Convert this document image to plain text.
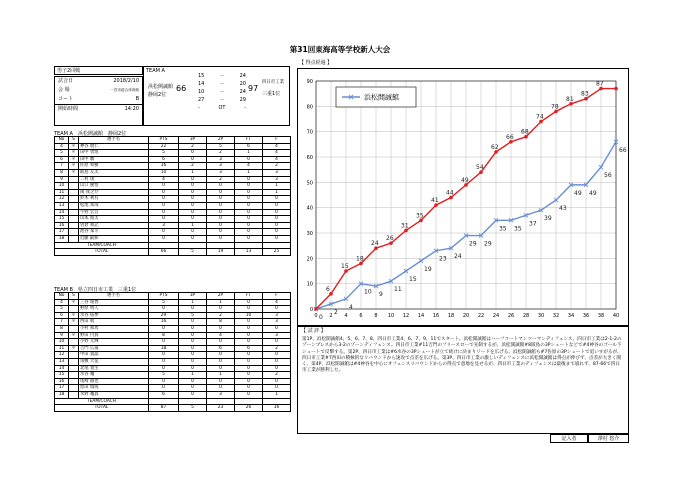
第31回東海高等学校新人大会
男子2回戦
試合日	2018/2/10
会 場	一宮市総合体育館
コート	B
開始時間	14:20
TEAM A
浜松開誠館
静岡2位
66
15	－	24
14	－	20
10	－	24
27	－	29
-	OT	-
97
四日市工業
三重1位
TEAM A　浜松開誠館　静岡2位
No	S	選手名	PTS	3P	2P	FT	F
4	＊	神谷 琥仁	22	2	5	6	4
5	＊	田中 勇煌	5	0	2	1	4
6	＊	田中 駿	6	0	3	0	4
7	＊	佐原 和樹	16	2	3	4	2
8	＊	阪島 友太	10	1	3	1	3
9		二村 琉	4	0	2	0	3
10		山口 慶悟	0	0	0	0	1
11		岡 我之介	0	0	0	0	1
12		鈴木 利有	0	0	0	0	0
13		松尾 知哉	0	0	0	0	0
14		宇野 宏音	0	0	0	0	0
15		山本 彼太	0	0	0	0	0
16		曽倉 和記	3	1	0	0	0
17		池谷 栞斗	0	0	0	0	0
18		近藤 凱和	0	0	0	0	0
TEAM/COACH							
TOTAL			66	5	19	13	25
TEAM B　県立四日市工業　三重1位
No	S	選手名	PTS	3P	2P	FT	F
4	＊	三谷 瑠香	5	1	1	0	4
5		野原 明人	0	0	0	0	0
6	＊	水谷 拓夢	29	5	2	10	3
7	＊	西田 航	16	0	8	0	3
8		小村 和馬	0	0	0	0	0
9	＊	野田 円真	8	0	4	0	3
10		小野 元輝	0	0	0	0	0
11	＊	吉門 広晟	18	0	6	6	2
12		中田 貴晶	0	0	0	0	0
13		角敷 大征	0	0	0	0	0
14		北尾 寛生	0	0	0	0	0
15		水谷 颯	5	1	1	0	2
16		尾崎 徹也	0	0	0	0	0
17		原田 瑞成	0	0	0	0	0
18		水野 颯真	6	0	3	0	1
TEAM/COACH							
TOTAL			87	5	23	26	16
【 得点経過 】
0
10
20
30
40
50
60
70
80
90
0 2 4 6 8 10 12 14 16 18 20 22 24 26 28 30 32 34 36 38 40
0
2
4
10 9
11
15
19
23 24
29 29
35 35
37
39
43
49 49
56
66
6
15
18
24
26
31
35
41
44
49
54
62
66
68
74
78
81
83
87
浜松開誠館
【 試 評 】
第1P、浜松開誠館4、5、6、7、8、四日市工業4、6、7、9、11でスタート。浜松開誠館はハーフコートマンツーマンディフェンス、四日市工業は2-1-2のゾーンプレスから3-2のゾーンディフェンス。四日市工業#11吉門のフリースローで先制するが、浜松開誠館#8阪島の3Pシュートなどで#4神谷のゴール下シュートで反撃する。第2P、四日市工業は#6水谷の3Pシュートが立て続けに決まりリードを広げる。浜松開誠館も#7佐原の3Pシュートで追いすがるが、四日市工業#7西田の積極的なリバウンドから速攻で点差を広げる。第3P、四日市工業の激しいディフェンスに浜松開誠館は得点が伸びず、点差が大きく開く。第4P、浜松開誠館は#4神谷を中心にオフェンスリバウンドからの得点で意地を見せるが、四日市工業のディフェンスは最後まで崩れず、87-66で四日市工業が勝利した。
記入者	澤村 悠介
